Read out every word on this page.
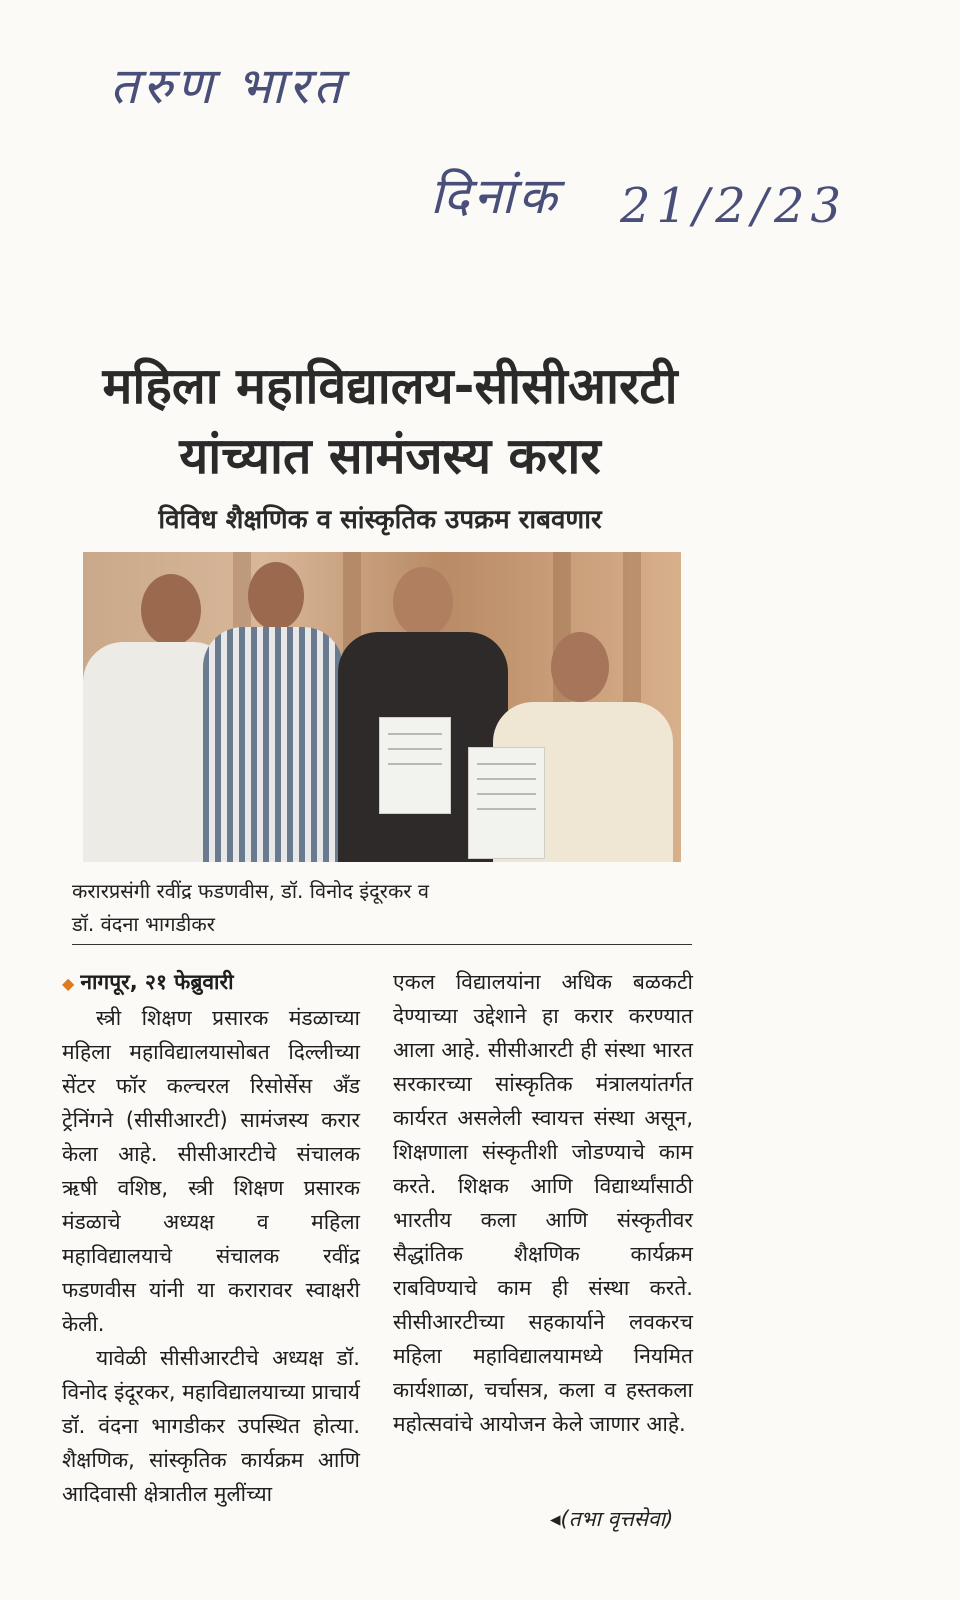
तरुण भारत
दिनांक 21/2/23
महिला महाविद्यालय-सीसीआरटी
यांच्यात सामंजस्य करार
विविध शैक्षणिक व सांस्कृतिक उपक्रम राबवणार
करारप्रसंगी रवींद्र फडणवीस, डॉ. विनोद इंदूरकर व
डॉ. वंदना भागडीकर
◆ नागपूर, २१ फेब्रुवारी

स्त्री शिक्षण प्रसारक मंडळाच्या महिला महाविद्यालयासोबत दिल्लीच्या सेंटर फॉर कल्चरल रिसोर्सेस अँड ट्रेनिंगने (सीसीआरटी) सामंजस्य करार केला आहे. सीसीआरटीचे संचालक ऋषी वशिष्ठ, स्त्री शिक्षण प्रसारक मंडळाचे अध्यक्ष व महिला महाविद्यालयाचे संचालक रवींद्र फडणवीस यांनी या करारावर स्वाक्षरी केली.

यावेळी सीसीआरटीचे अध्यक्ष डॉ. विनोद इंदूरकर, महाविद्यालयाच्या प्राचार्य डॉ. वंदना भागडीकर उपस्थित होत्या. शैक्षणिक, सांस्कृतिक कार्यक्रम आणि आदिवासी क्षेत्रातील मुलींच्या

एकल विद्यालयांना अधिक बळकटी देण्याच्या उद्देशाने हा करार करण्यात आला आहे. सीसीआरटी ही संस्था भारत सरकारच्या सांस्कृतिक मंत्रालयांतर्गत कार्यरत असलेली स्वायत्त संस्था असून, शिक्षणाला संस्कृतीशी जोडण्याचे काम करते. शिक्षक आणि विद्यार्थ्यांसाठी भारतीय कला आणि संस्कृतीवर सैद्धांतिक शैक्षणिक कार्यक्रम राबविण्याचे काम ही संस्था करते. सीसीआरटीच्या सहकार्याने लवकरच महिला महाविद्यालयामध्ये नियमित कार्यशाळा, चर्चासत्र, कला व हस्तकला महोत्सवांचे आयोजन केले जाणार आहे.

◂(तभा वृत्तसेवा)
